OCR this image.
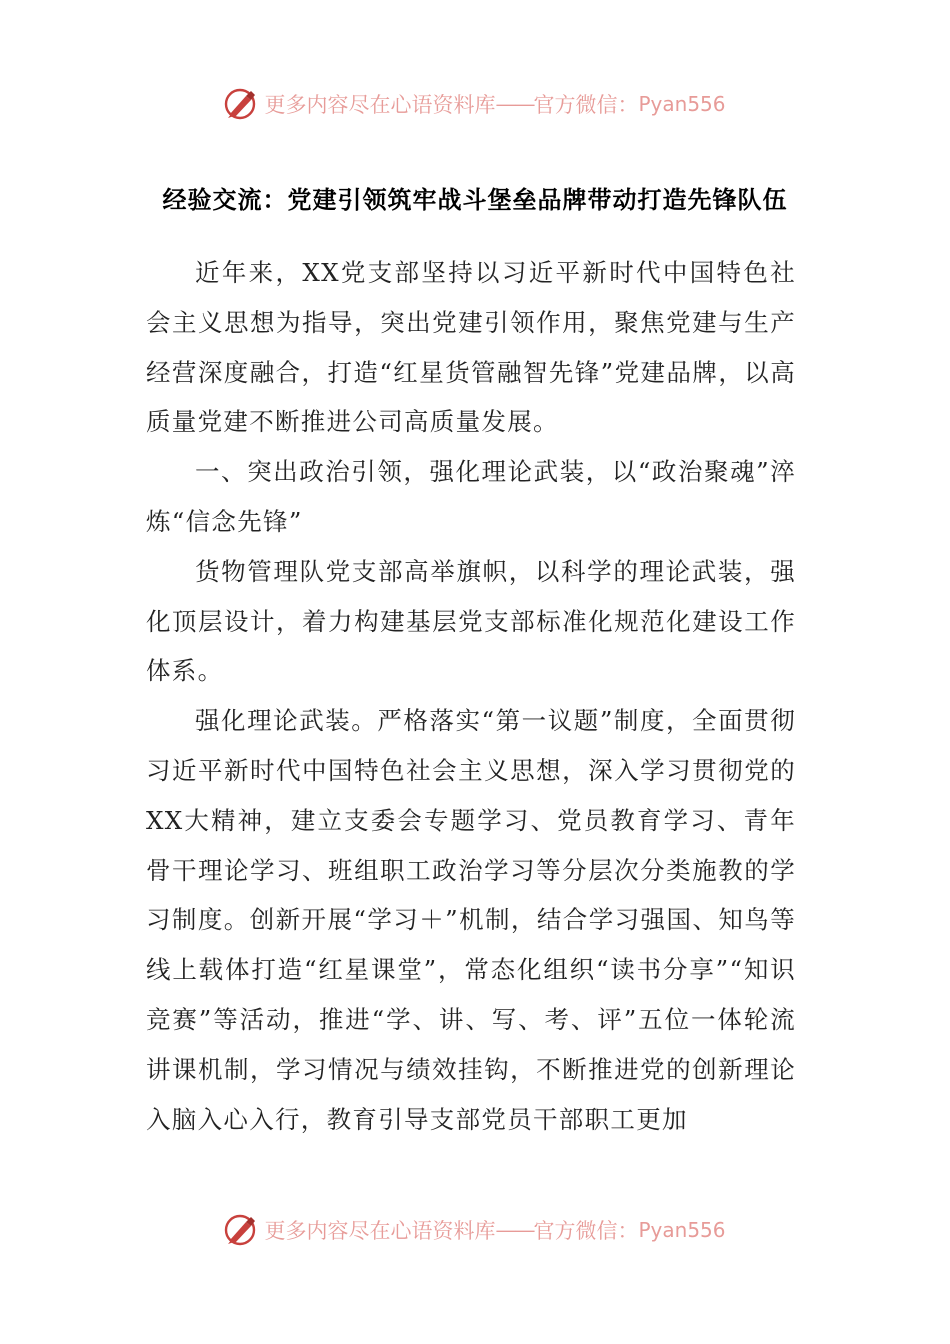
更多内容尽在心语资料库 —— 官方微信： Pyan556
经验交流：党建引领筑牢战斗堡垒品牌带动打造先锋队伍

近年来，XX党支部坚持以习近平新时代中国特色社会主义思想为指导，突出党建引领作用，聚焦党建与生产经营深度融合，打造“红星货管融智先锋”党建品牌，以高质量党建不断推进公司高质量发展。

一、突出政治引领，强化理论武装，以“政治聚魂”淬炼“信念先锋”

货物管理队党支部高举旗帜，以科学的理论武装，强化顶层设计，着力构建基层党支部标准化规范化建设工作体系。

强化理论武装。严格落实“第一议题”制度，全面贯彻习近平新时代中国特色社会主义思想，深入学习贯彻党的XX大精神，建立支委会专题学习、党员教育学习、青年骨干理论学习、班组职工政治学习等分层次分类施教的学习制度。创新开展“学习＋”机制，结合学习强国、知鸟等线上载体打造“红星课堂”，常态化组织“读书分享”“知识竞赛”等活动，推进“学、讲、写、考、评”五位一体轮流讲课机制，学习情况与绩效挂钩，不断推进党的创新理论入脑入心入行，教育引导支部党员干部职工更加

更多内容尽在心语资料库 —— 官方微信： Pyan556
